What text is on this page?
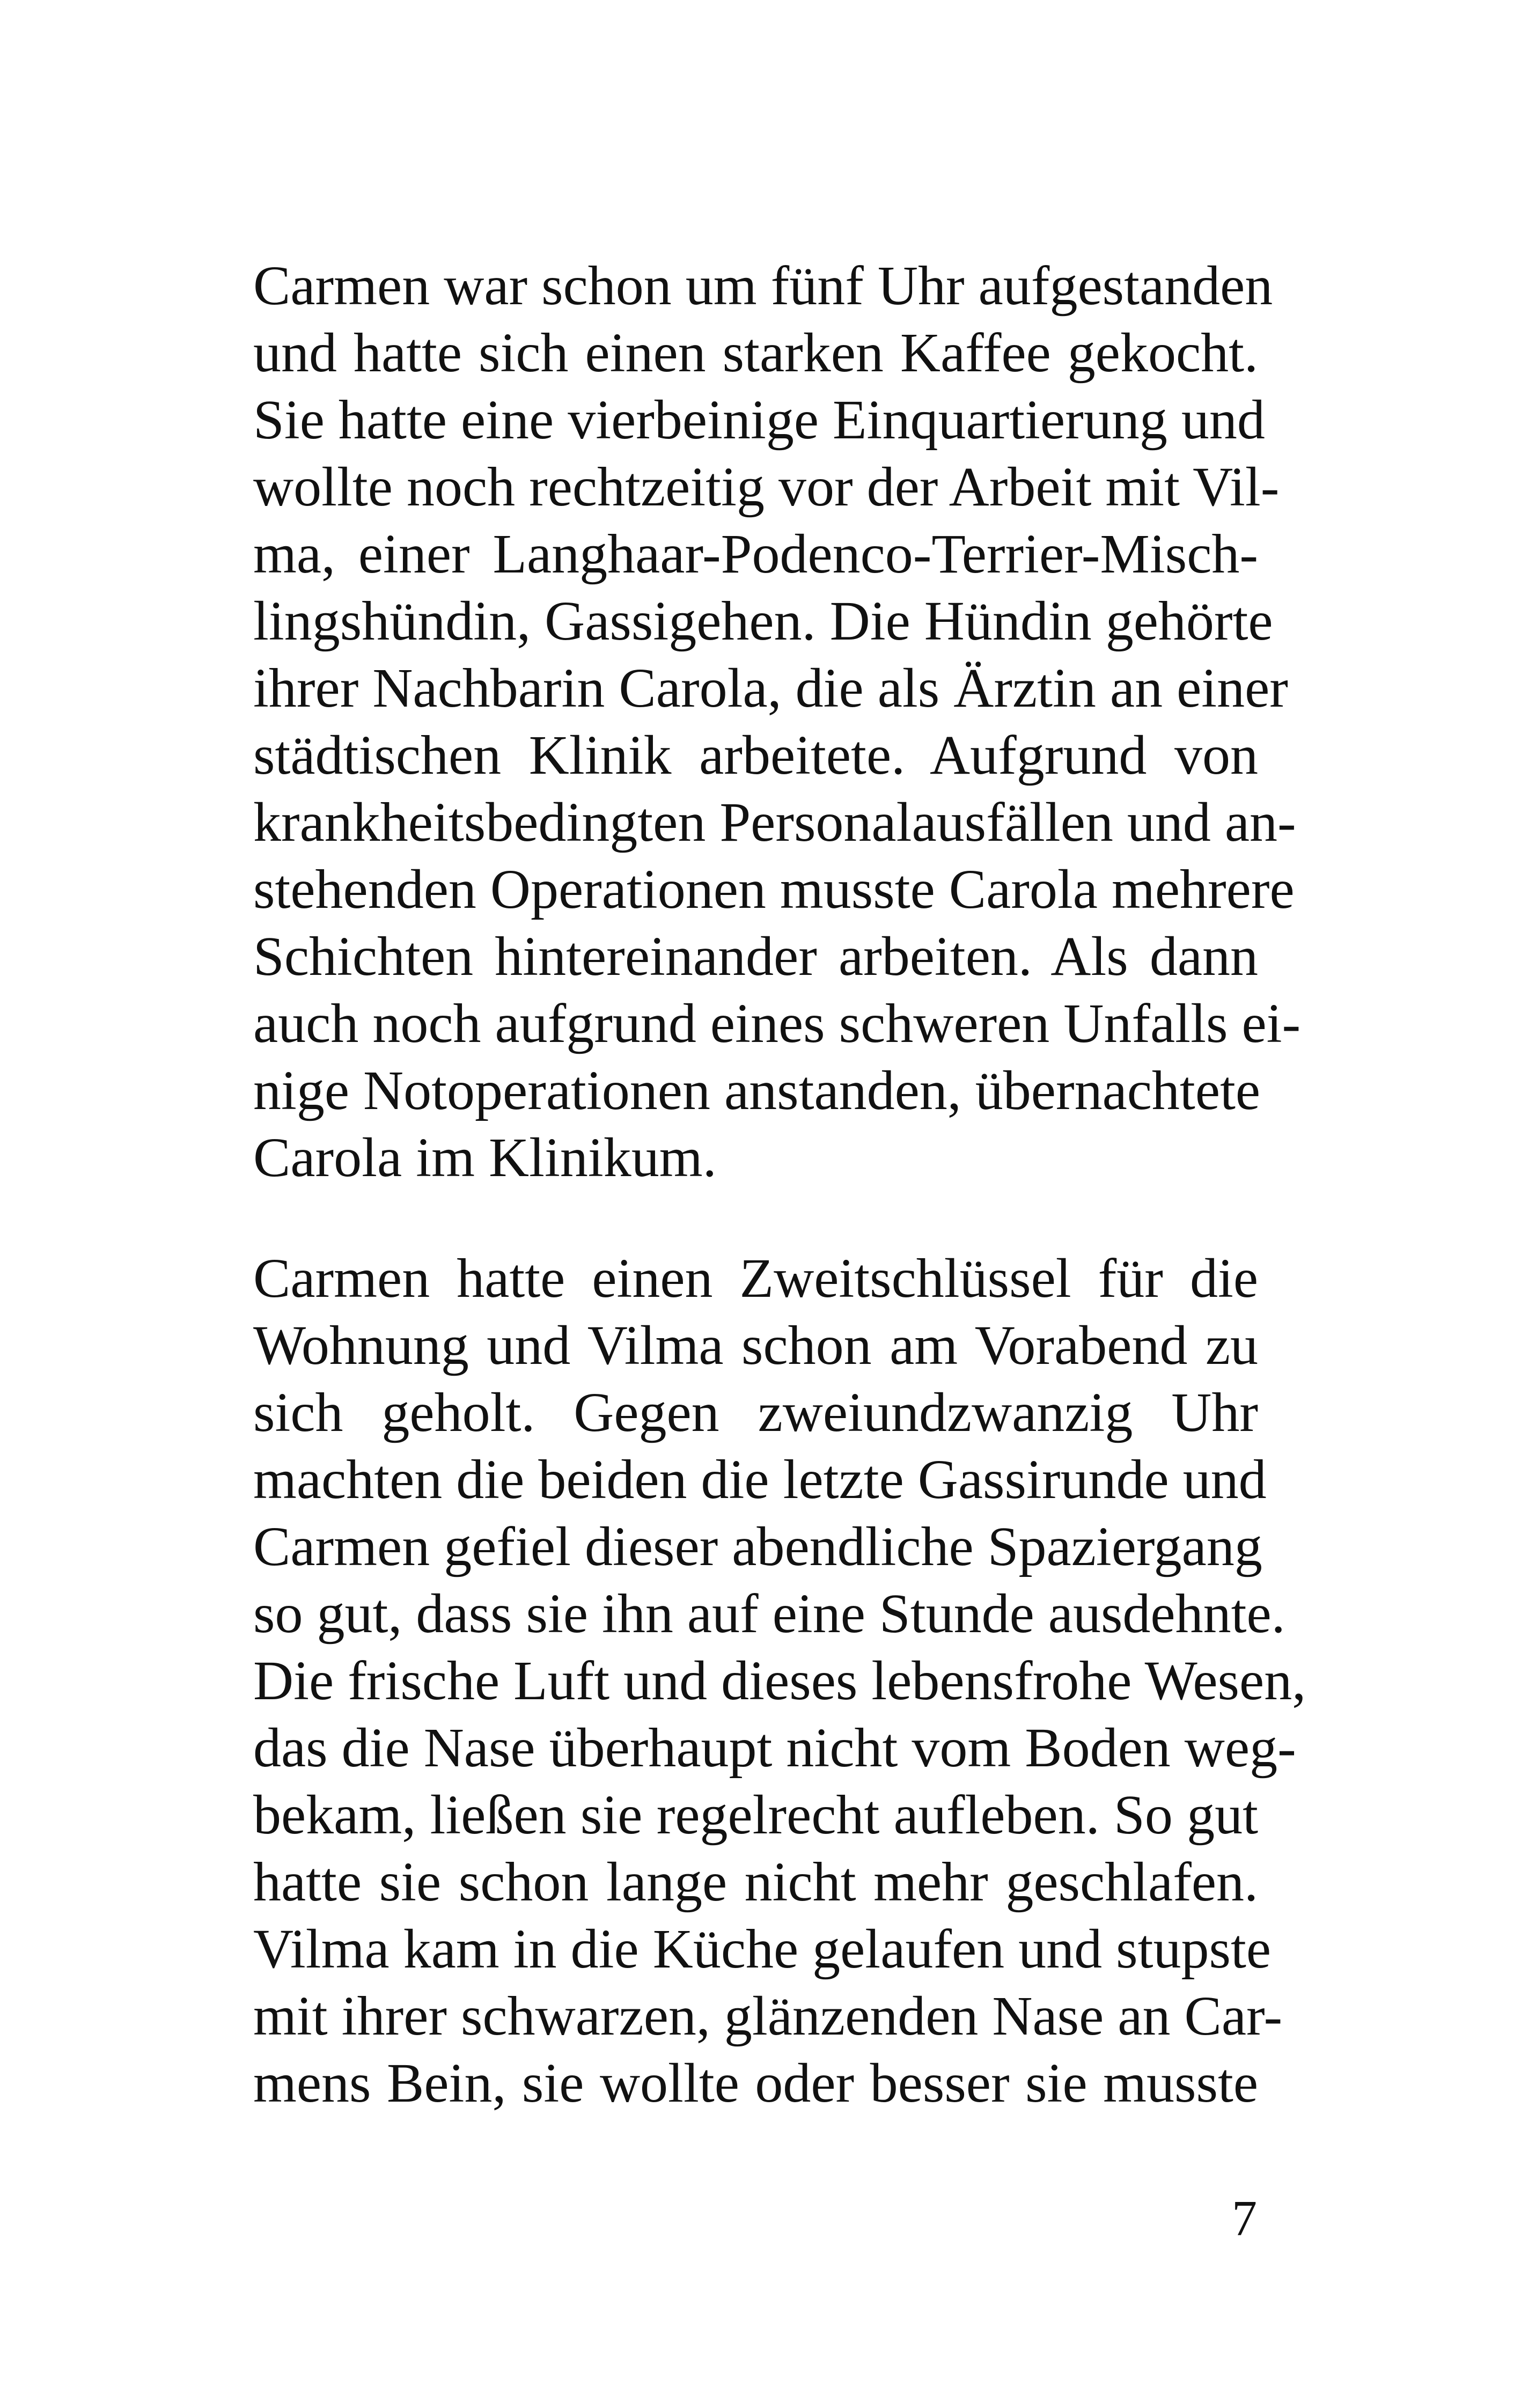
Carmen war schon um fünf Uhr aufgestanden
und hatte sich einen starken Kaffee gekocht.
Sie hatte eine vierbeinige Einquartierung und
wollte noch rechtzeitig vor der Arbeit mit Vil-
ma, einer Langhaar-Podenco-Terrier-Misch-
lingshündin, Gassigehen. Die Hündin gehörte
ihrer Nachbarin Carola, die als Ärztin an einer
städtischen Klinik arbeitete. Aufgrund von
krankheitsbedingten Personalausfällen und an-
stehenden Operationen musste Carola mehrere
Schichten hintereinander arbeiten. Als dann
auch noch aufgrund eines schweren Unfalls ei-
nige Notoperationen anstanden, übernachtete
Carola im Klinikum.
Carmen hatte einen Zweitschlüssel für die
Wohnung und Vilma schon am Vorabend zu
sich geholt. Gegen zweiundzwanzig Uhr
machten die beiden die letzte Gassirunde und
Carmen gefiel dieser abendliche Spaziergang
so gut, dass sie ihn auf eine Stunde ausdehnte.
Die frische Luft und dieses lebensfrohe Wesen,
das die Nase überhaupt nicht vom Boden weg-
bekam, ließen sie regelrecht aufleben. So gut
hatte sie schon lange nicht mehr geschlafen.
Vilma kam in die Küche gelaufen und stupste
mit ihrer schwarzen, glänzenden Nase an Car-
mens Bein, sie wollte oder besser sie musste
7
